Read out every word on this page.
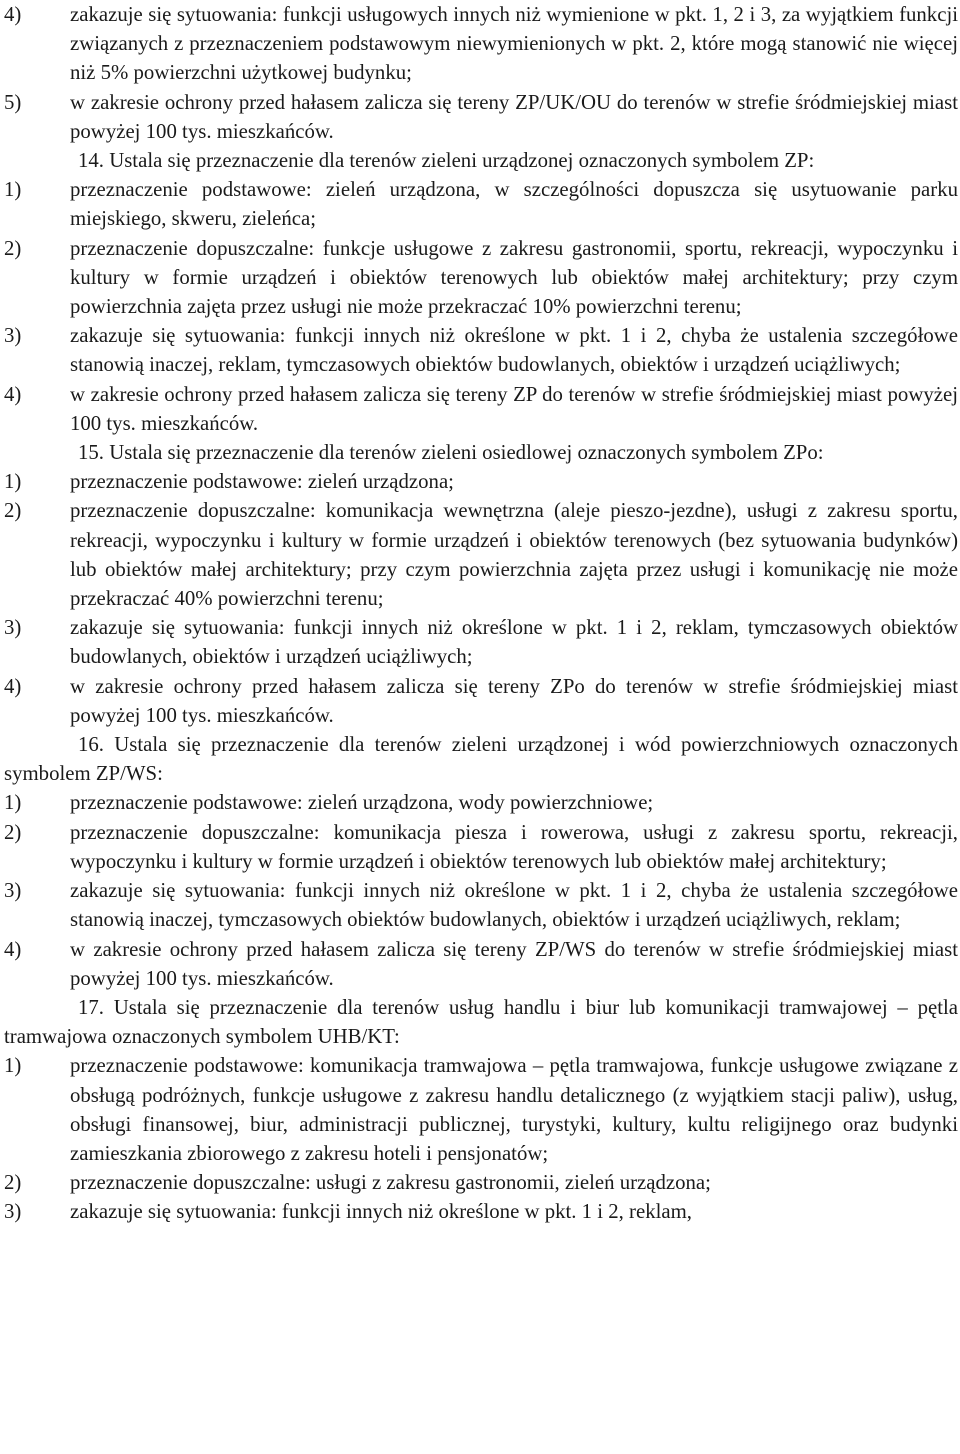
4) zakazuje się sytuowania: funkcji usługowych innych niż wymienione w pkt. 1, 2 i 3, za wyjątkiem funkcji związanych z przeznaczeniem podstawowym niewymienionych w pkt. 2, które mogą stanowić nie więcej niż 5% powierzchni użytkowej budynku;
5) w zakresie ochrony przed hałasem zalicza się tereny ZP/UK/OU do terenów w strefie śródmiejskiej miast powyżej 100 tys. mieszkańców.
14. Ustala się przeznaczenie dla terenów zieleni urządzonej oznaczonych symbolem ZP:
1) przeznaczenie podstawowe: zieleń urządzona, w szczególności dopuszcza się usytuowanie parku miejskiego, skweru, zieleńca;
2) przeznaczenie dopuszczalne: funkcje usługowe z zakresu gastronomii, sportu, rekreacji, wypoczynku i kultury w formie urządzeń i obiektów terenowych lub obiektów małej architektury; przy czym powierzchnia zajęta przez usługi nie może przekraczać 10% powierzchni terenu;
3) zakazuje się sytuowania: funkcji innych niż określone w pkt. 1 i 2, chyba że ustalenia szczegółowe stanowią inaczej, reklam, tymczasowych obiektów budowlanych, obiektów i urządzeń uciążliwych;
4) w zakresie ochrony przed hałasem zalicza się tereny ZP do terenów w strefie śródmiejskiej miast powyżej 100 tys. mieszkańców.
15. Ustala się przeznaczenie dla terenów zieleni osiedlowej oznaczonych symbolem ZPo:
1) przeznaczenie podstawowe: zieleń urządzona;
2) przeznaczenie dopuszczalne: komunikacja wewnętrzna (aleje pieszo-jezdne), usługi z zakresu sportu, rekreacji, wypoczynku i kultury w formie urządzeń i obiektów terenowych (bez sytuowania budynków) lub obiektów małej architektury; przy czym powierzchnia zajęta przez usługi i komunikację nie może przekraczać 40% powierzchni terenu;
3) zakazuje się sytuowania: funkcji innych niż określone w pkt. 1 i 2, reklam, tymczasowych obiektów budowlanych, obiektów i urządzeń uciążliwych;
4) w zakresie ochrony przed hałasem zalicza się tereny ZPo do terenów w strefie śródmiejskiej miast powyżej 100 tys. mieszkańców.
16. Ustala się przeznaczenie dla terenów zieleni urządzonej i wód powierzchniowych oznaczonych symbolem ZP/WS:
1) przeznaczenie podstawowe: zieleń urządzona, wody powierzchniowe;
2) przeznaczenie dopuszczalne: komunikacja piesza i rowerowa, usługi z zakresu sportu, rekreacji, wypoczynku i kultury w formie urządzeń i obiektów terenowych lub obiektów małej architektury;
3) zakazuje się sytuowania: funkcji innych niż określone w pkt. 1 i 2, chyba że ustalenia szczegółowe stanowią inaczej, tymczasowych obiektów budowlanych, obiektów i urządzeń uciążliwych, reklam;
4) w zakresie ochrony przed hałasem zalicza się tereny ZP/WS do terenów w strefie śródmiejskiej miast powyżej 100 tys. mieszkańców.
17. Ustala się przeznaczenie dla terenów usług handlu i biur lub komunikacji tramwajowej – pętla tramwajowa oznaczonych symbolem UHB/KT:
1) przeznaczenie podstawowe: komunikacja tramwajowa – pętla tramwajowa, funkcje usługowe związane z obsługą podróżnych, funkcje usługowe z zakresu handlu detalicznego (z wyjątkiem stacji paliw), usług, obsługi finansowej, biur, administracji publicznej, turystyki, kultury, kultu religijnego oraz budynki zamieszkania zbiorowego z zakresu hoteli i pensjonatów;
2) przeznaczenie dopuszczalne: usługi z zakresu gastronomii, zieleń urządzona;
3) zakazuje się sytuowania: funkcji innych niż określone w pkt. 1 i 2, reklam,
